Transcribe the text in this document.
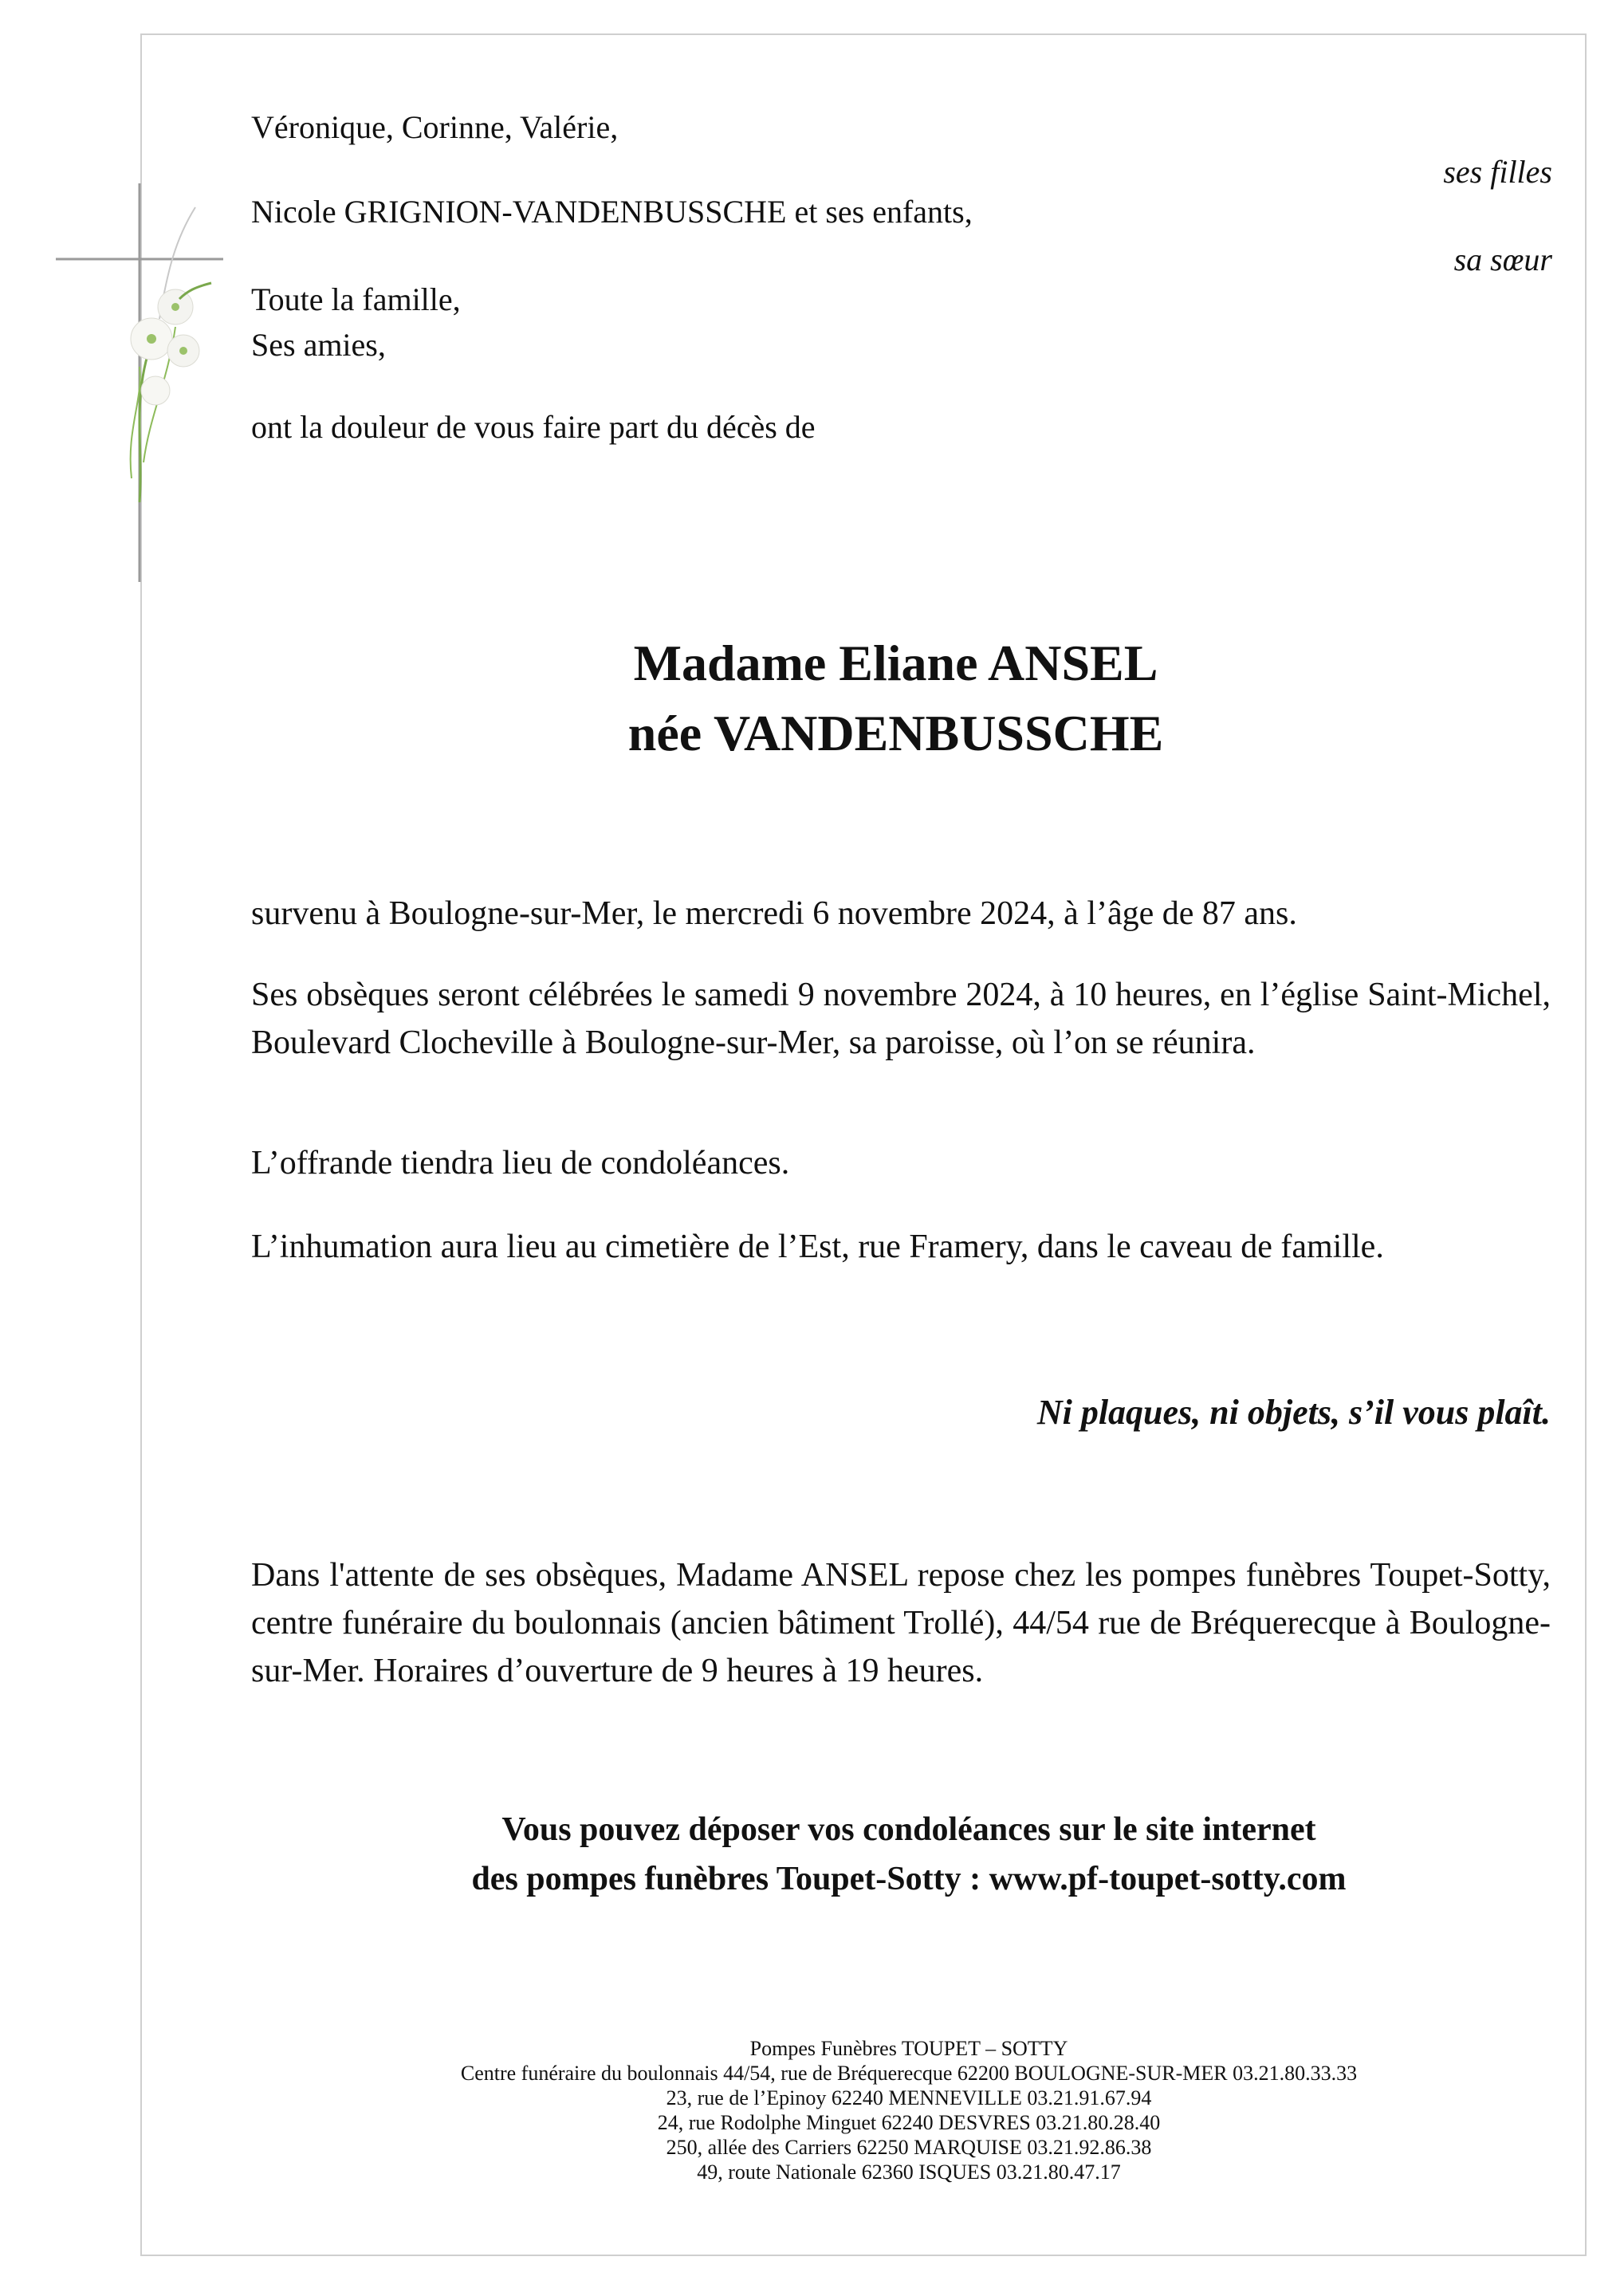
Véronique, Corinne, Valérie,
Nicole GRIGNION-VANDENBUSSCHE et ses enfants,
Toute la famille,
Ses amies,
ont la douleur de vous faire part du décès de
ses filles
sa sœur
Madame Eliane ANSEL
née VANDENBUSSCHE
survenu à Boulogne-sur-Mer, le mercredi 6 novembre 2024, à l’âge de 87 ans.
Ses obsèques seront célébrées le samedi 9 novembre 2024, à 10 heures, en l’église Saint-Michel, Boulevard Clocheville à Boulogne-sur-Mer, sa paroisse, où l’on se réunira.
L’offrande tiendra lieu de condoléances.
L’inhumation aura lieu au cimetière de l’Est, rue Framery, dans le caveau de famille.
Ni plaques, ni objets, s’il vous plaît.
Dans l'attente de ses obsèques, Madame ANSEL repose chez les pompes funèbres Toupet-Sotty, centre funéraire du boulonnais (ancien bâtiment Trollé), 44/54 rue de Bréquerecque à Boulogne-sur-Mer. Horaires d’ouverture de 9 heures à 19 heures.
Vous pouvez déposer vos condoléances sur le site internet
des pompes funèbres Toupet-Sotty : www.pf-toupet-sotty.com
Pompes Funèbres TOUPET – SOTTY
Centre funéraire du boulonnais 44/54, rue de Bréquerecque 62200 BOULOGNE-SUR-MER 03.21.80.33.33
23, rue de l’Epinoy 62240 MENNEVILLE 03.21.91.67.94
24, rue Rodolphe Minguet 62240 DESVRES 03.21.80.28.40
250, allée des Carriers 62250 MARQUISE 03.21.92.86.38
49, route Nationale 62360 ISQUES 03.21.80.47.17
